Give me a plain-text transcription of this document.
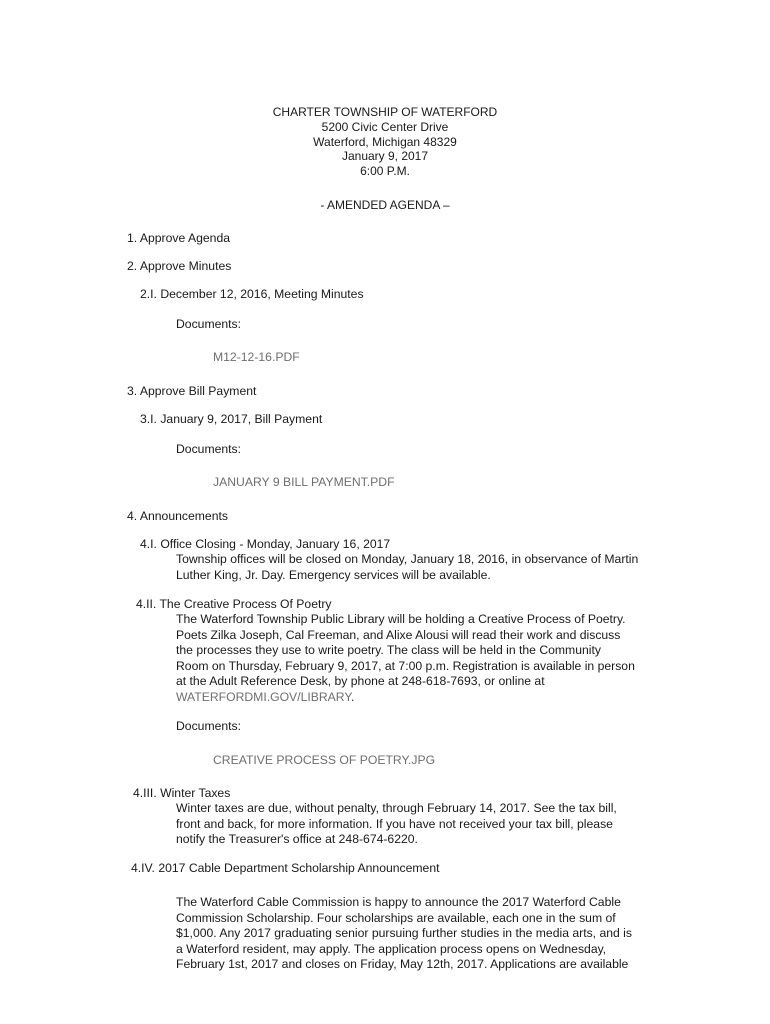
CHARTER TOWNSHIP OF WATERFORD
5200 Civic Center Drive
Waterford, Michigan 48329
January 9, 2017
6:00 P.M.
- AMENDED AGENDA –
1. Approve Agenda
2. Approve Minutes
2.I. December 12, 2016, Meeting Minutes
Documents:
M12-12-16.PDF
3. Approve Bill Payment
3.I. January 9, 2017, Bill Payment
Documents:
JANUARY 9 BILL PAYMENT.PDF
4. Announcements
4.I. Office Closing - Monday, January 16, 2017
Township offices will be closed on Monday, January 18, 2016, in observance of Martin
Luther King, Jr. Day. Emergency services will be available.
4.II. The Creative Process Of Poetry
The Waterford Township Public Library will be holding a Creative Process of Poetry.
Poets Zilka Joseph, Cal Freeman, and Alixe Alousi will read their work and discuss
the processes they use to write poetry. The class will be held in the Community
Room on Thursday, February 9, 2017, at 7:00 p.m. Registration is available in person
at the Adult Reference Desk, by phone at 248-618-7693, or online at
WATERFORDMI.GOV/LIBRARY.
Documents:
CREATIVE PROCESS OF POETRY.JPG
4.III. Winter Taxes
Winter taxes are due, without penalty, through February 14, 2017. See the tax bill,
front and back, for more information. If you have not received your tax bill, please
notify the Treasurer's office at 248-674-6220.
4.IV. 2017 Cable Department Scholarship Announcement
The Waterford Cable Commission is happy to announce the 2017 Waterford Cable
Commission Scholarship. Four scholarships are available, each one in the sum of
$1,000. Any 2017 graduating senior pursuing further studies in the media arts, and is
a Waterford resident, may apply. The application process opens on Wednesday,
February 1st, 2017 and closes on Friday, May 12th, 2017. Applications are available
